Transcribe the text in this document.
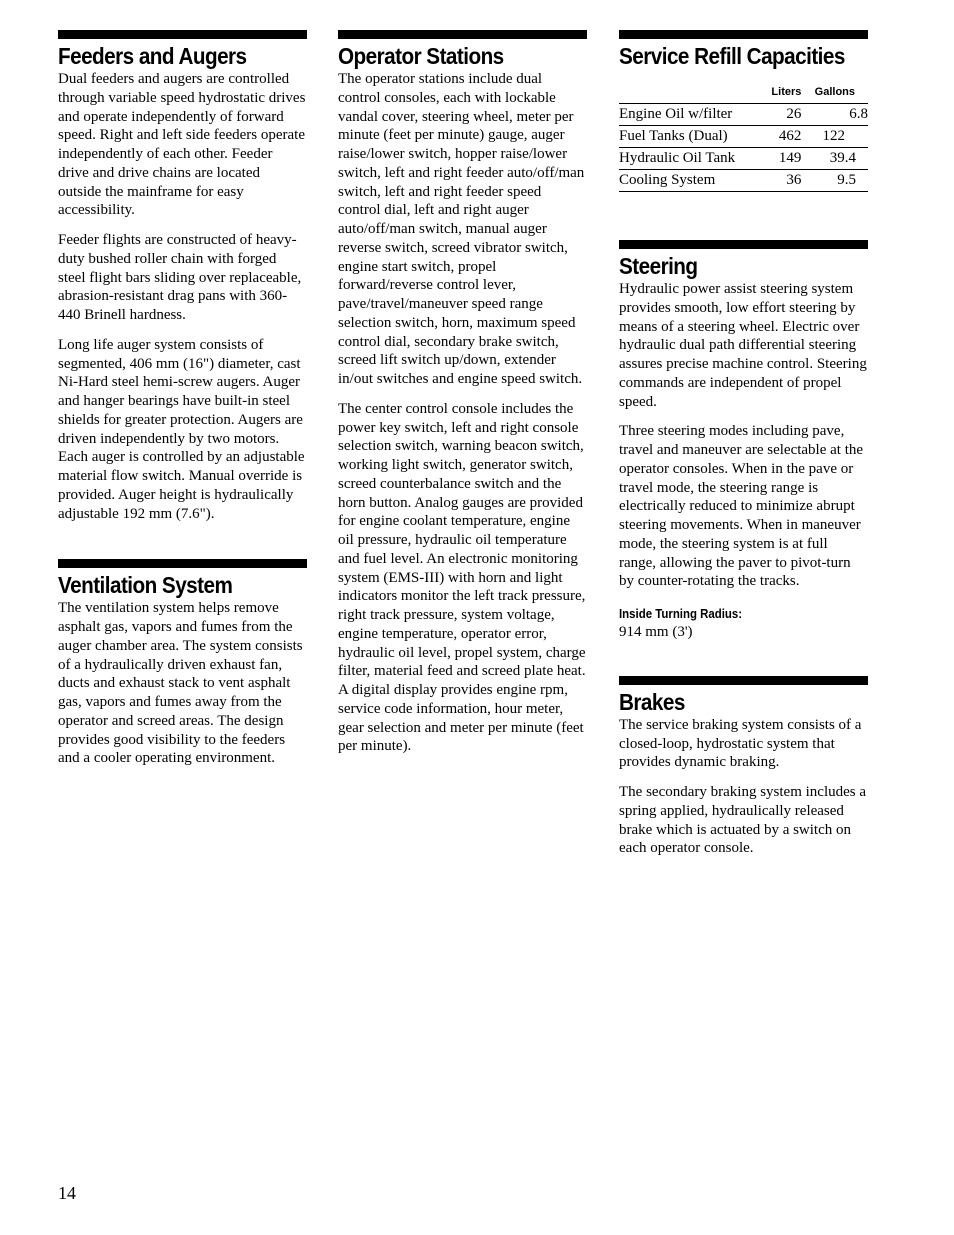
Feeders and Augers

Dual feeders and augers are controlled through variable speed hydrostatic drives and operate independently of forward speed. Right and left side feeders operate independently of each other. Feeder drive and drive chains are located outside the mainframe for easy accessibility.

Feeder flights are constructed of heavy-duty bushed roller chain with forged steel flight bars sliding over replaceable, abrasion-resistant drag pans with 360-440 Brinell hardness.

Long life auger system consists of segmented, 406 mm (16") diameter, cast Ni-Hard steel hemi-screw augers. Auger and hanger bearings have built-in steel shields for greater protection. Augers are driven independently by two motors. Each auger is controlled by an adjustable material flow switch. Manual override is provided. Auger height is hydraulically adjustable 192 mm (7.6").

Ventilation System

The ventilation system helps remove asphalt gas, vapors and fumes from the auger chamber area. The system consists of a hydraulically driven exhaust fan, ducts and exhaust stack to vent asphalt gas, vapors and fumes away from the operator and screed areas. The design provides good visibility to the feeders and a cooler operating environment.

Operator Stations

The operator stations include dual control consoles, each with lockable vandal cover, steering wheel, meter per minute (feet per minute) gauge, auger raise/lower switch, hopper raise/lower switch, left and right feeder auto/off/man switch, left and right feeder speed control dial, left and right auger auto/off/man switch, manual auger reverse switch, screed vibrator switch, engine start switch, propel forward/reverse control lever, pave/travel/maneuver speed range selection switch, horn, maximum speed control dial, secondary brake switch, screed lift switch up/down, extender in/out switches and engine speed switch.

The center control console includes the power key switch, left and right console selection switch, warning beacon switch, working light switch, generator switch, screed counterbalance switch and the horn button. Analog gauges are provided for engine coolant temperature, engine oil pressure, hydraulic oil temperature and fuel level. An electronic monitoring system (EMS-III) with horn and light indicators monitor the left track pressure, right track pressure, system voltage, engine temperature, operator error, hydraulic oil level, propel system, charge filter, material feed and screed plate heat. A digital display provides engine rpm, service code information, hour meter, gear selection and meter per minute (feet per minute).

Service Refill Capacities
	Liters	Gallons
Engine Oil w/filter	26	6.8
Fuel Tanks (Dual)	462	122
Hydraulic Oil Tank	149	39.4
Cooling System	36	9.5
Steering

Hydraulic power assist steering system provides smooth, low effort steering by means of a steering wheel. Electric over hydraulic dual path differential steering assures precise machine control. Steering commands are independent of propel speed.

Three steering modes including pave, travel and maneuver are selectable at the operator consoles. When in the pave or travel mode, the steering range is electrically reduced to minimize abrupt steering movements. When in maneuver mode, the steering system is at full range, allowing the paver to pivot-turn by counter-rotating the tracks.

Inside Turning Radius:

914 mm (3')

Brakes

The service braking system consists of a closed-loop, hydrostatic system that provides dynamic braking.

The secondary braking system includes a spring applied, hydraulically released brake which is actuated by a switch on each operator console.

14
